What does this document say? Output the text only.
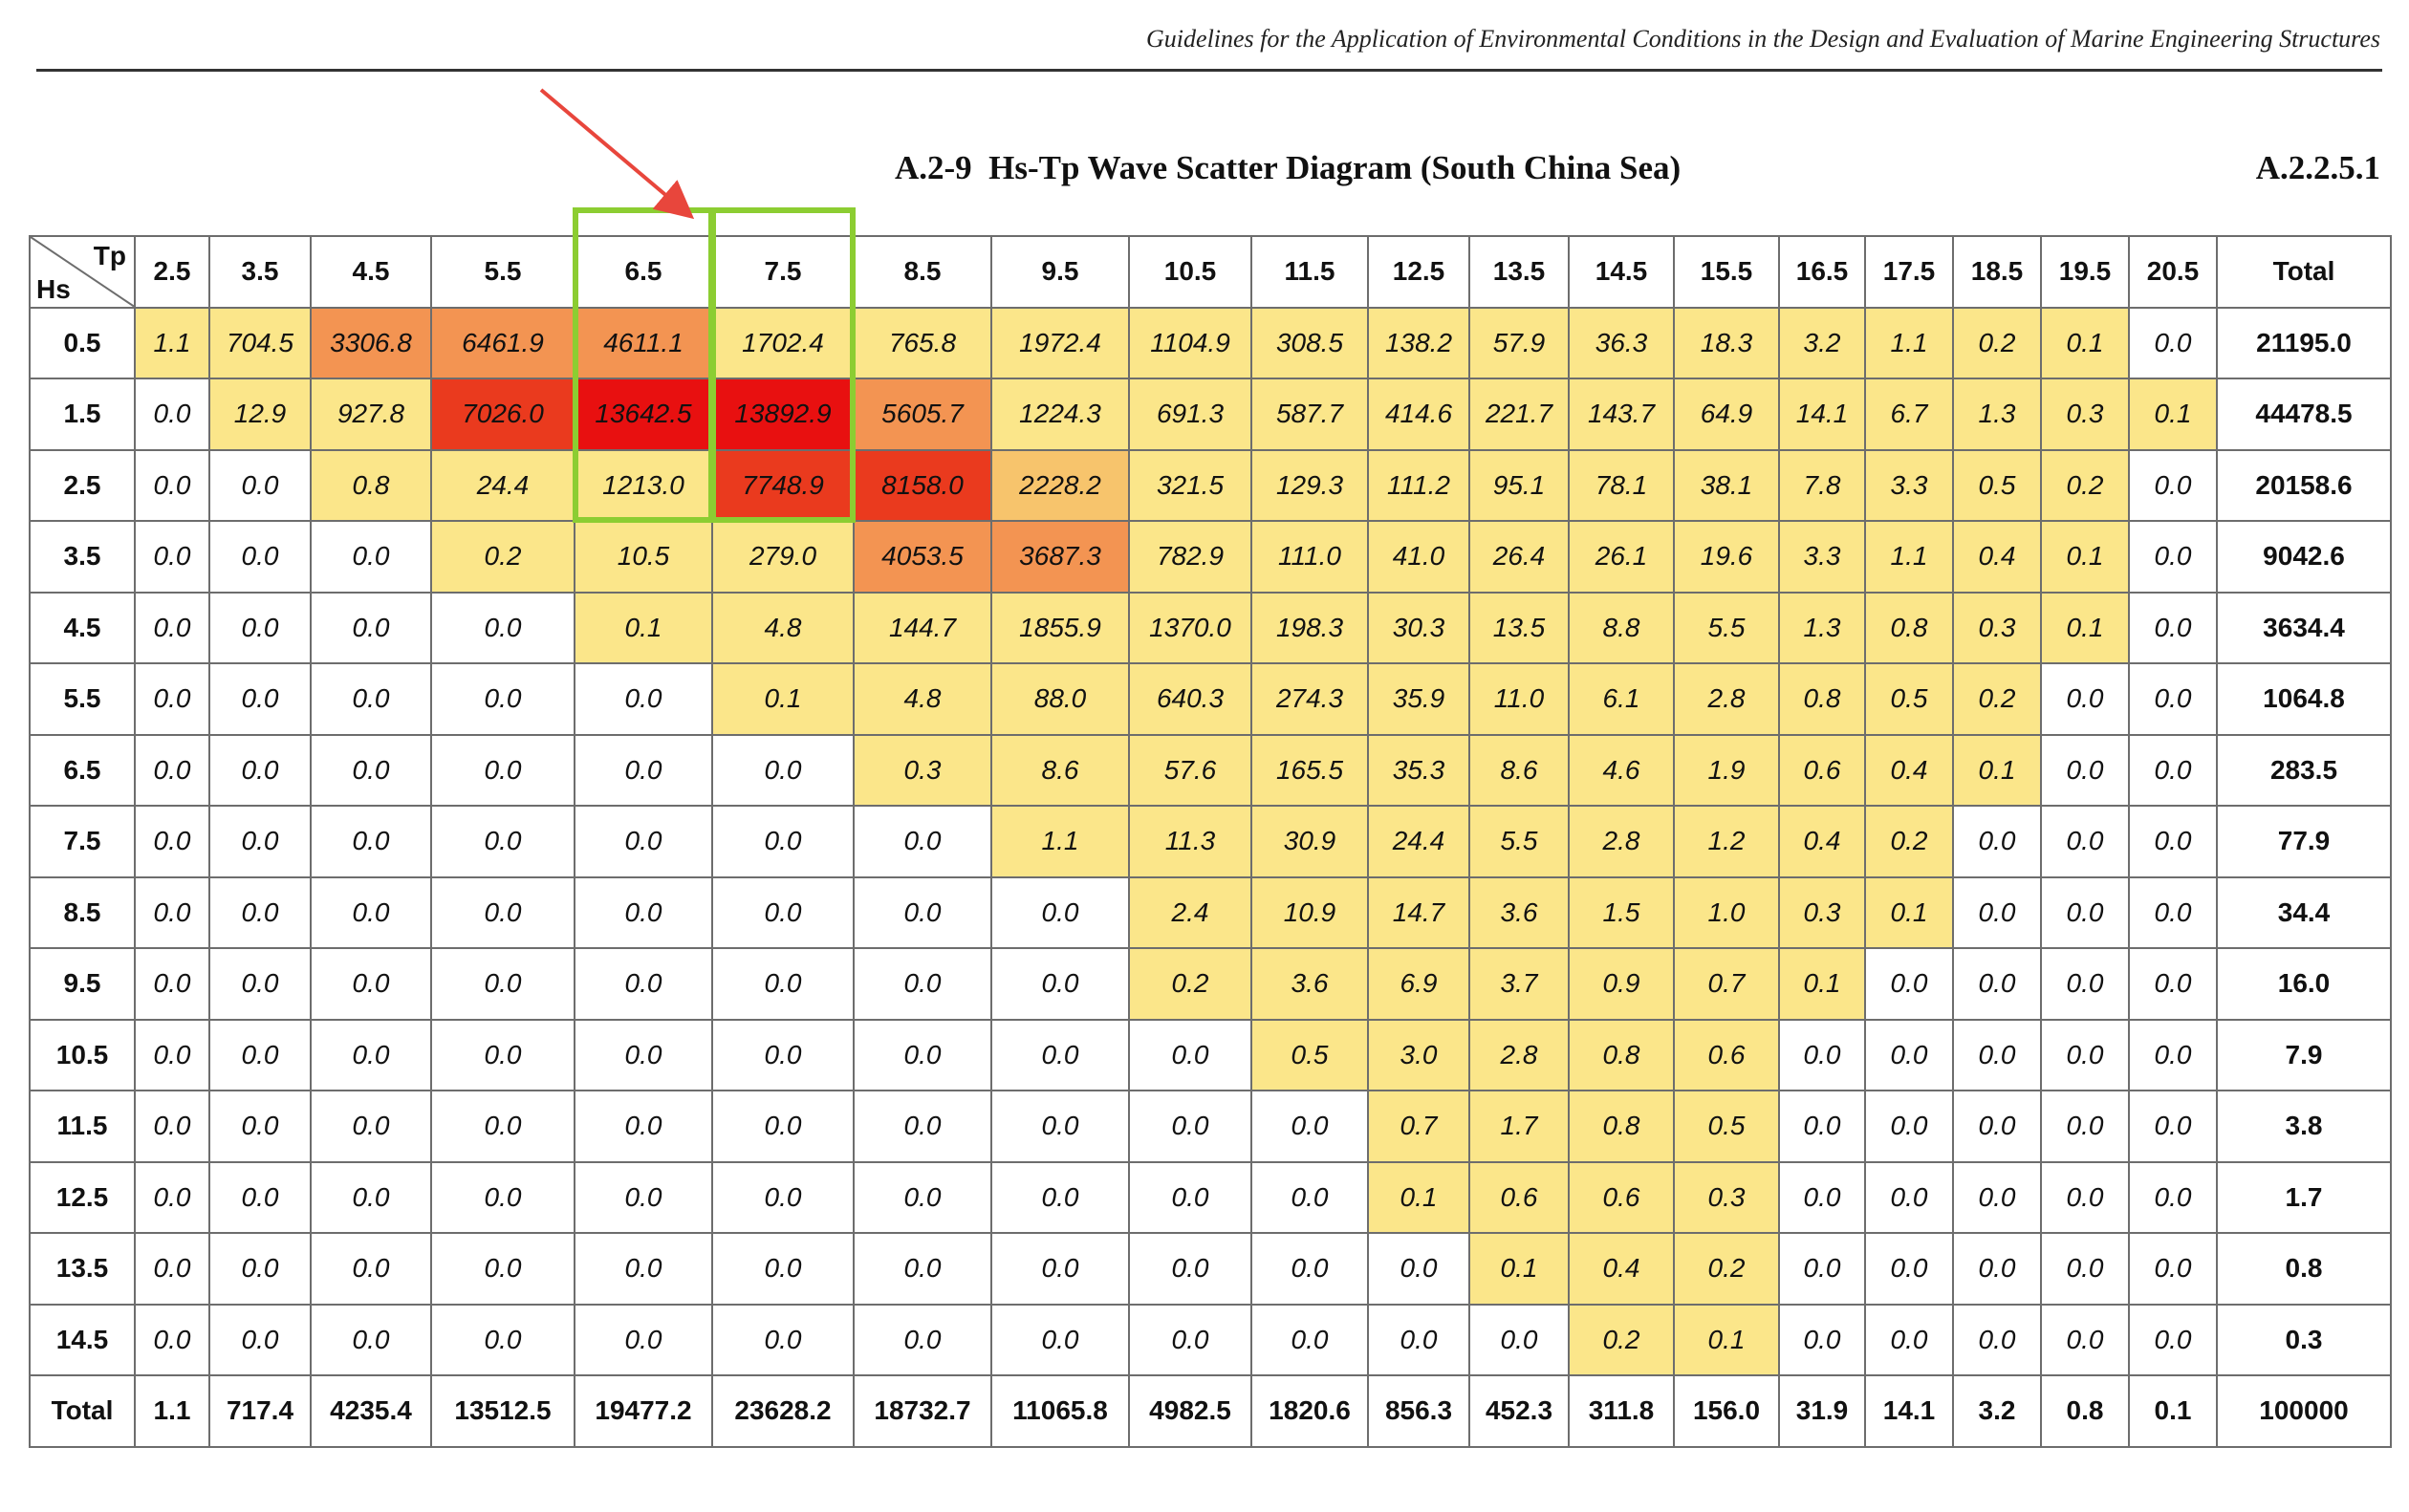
Guidelines for the Application of Environmental Conditions in the Design and Evaluation of Marine Engineering Structures
A.2-9  Hs-Tp Wave Scatter Diagram (South China Sea)	A.2.2.5.1
Tp
Hs	2.5	3.5	4.5	5.5	6.5	7.5	8.5	9.5	10.5	11.5	12.5	13.5	14.5	15.5	16.5	17.5	18.5	19.5	20.5	Total
0.5	1.1	704.5	3306.8	6461.9	4611.1	1702.4	765.8	1972.4	1104.9	308.5	138.2	57.9	36.3	18.3	3.2	1.1	0.2	0.1	0.0	21195.0
1.5	0.0	12.9	927.8	7026.0	13642.5	13892.9	5605.7	1224.3	691.3	587.7	414.6	221.7	143.7	64.9	14.1	6.7	1.3	0.3	0.1	44478.5
2.5	0.0	0.0	0.8	24.4	1213.0	7748.9	8158.0	2228.2	321.5	129.3	111.2	95.1	78.1	38.1	7.8	3.3	0.5	0.2	0.0	20158.6
3.5	0.0	0.0	0.0	0.2	10.5	279.0	4053.5	3687.3	782.9	111.0	41.0	26.4	26.1	19.6	3.3	1.1	0.4	0.1	0.0	9042.6
4.5	0.0	0.0	0.0	0.0	0.1	4.8	144.7	1855.9	1370.0	198.3	30.3	13.5	8.8	5.5	1.3	0.8	0.3	0.1	0.0	3634.4
5.5	0.0	0.0	0.0	0.0	0.0	0.1	4.8	88.0	640.3	274.3	35.9	11.0	6.1	2.8	0.8	0.5	0.2	0.0	0.0	1064.8
6.5	0.0	0.0	0.0	0.0	0.0	0.0	0.3	8.6	57.6	165.5	35.3	8.6	4.6	1.9	0.6	0.4	0.1	0.0	0.0	283.5
7.5	0.0	0.0	0.0	0.0	0.0	0.0	0.0	1.1	11.3	30.9	24.4	5.5	2.8	1.2	0.4	0.2	0.0	0.0	0.0	77.9
8.5	0.0	0.0	0.0	0.0	0.0	0.0	0.0	0.0	2.4	10.9	14.7	3.6	1.5	1.0	0.3	0.1	0.0	0.0	0.0	34.4
9.5	0.0	0.0	0.0	0.0	0.0	0.0	0.0	0.0	0.2	3.6	6.9	3.7	0.9	0.7	0.1	0.0	0.0	0.0	0.0	16.0
10.5	0.0	0.0	0.0	0.0	0.0	0.0	0.0	0.0	0.0	0.5	3.0	2.8	0.8	0.6	0.0	0.0	0.0	0.0	0.0	7.9
11.5	0.0	0.0	0.0	0.0	0.0	0.0	0.0	0.0	0.0	0.0	0.7	1.7	0.8	0.5	0.0	0.0	0.0	0.0	0.0	3.8
12.5	0.0	0.0	0.0	0.0	0.0	0.0	0.0	0.0	0.0	0.0	0.1	0.6	0.6	0.3	0.0	0.0	0.0	0.0	0.0	1.7
13.5	0.0	0.0	0.0	0.0	0.0	0.0	0.0	0.0	0.0	0.0	0.0	0.1	0.4	0.2	0.0	0.0	0.0	0.0	0.0	0.8
14.5	0.0	0.0	0.0	0.0	0.0	0.0	0.0	0.0	0.0	0.0	0.0	0.0	0.2	0.1	0.0	0.0	0.0	0.0	0.0	0.3
Total	1.1	717.4	4235.4	13512.5	19477.2	23628.2	18732.7	11065.8	4982.5	1820.6	856.3	452.3	311.8	156.0	31.9	14.1	3.2	0.8	0.1	100000
